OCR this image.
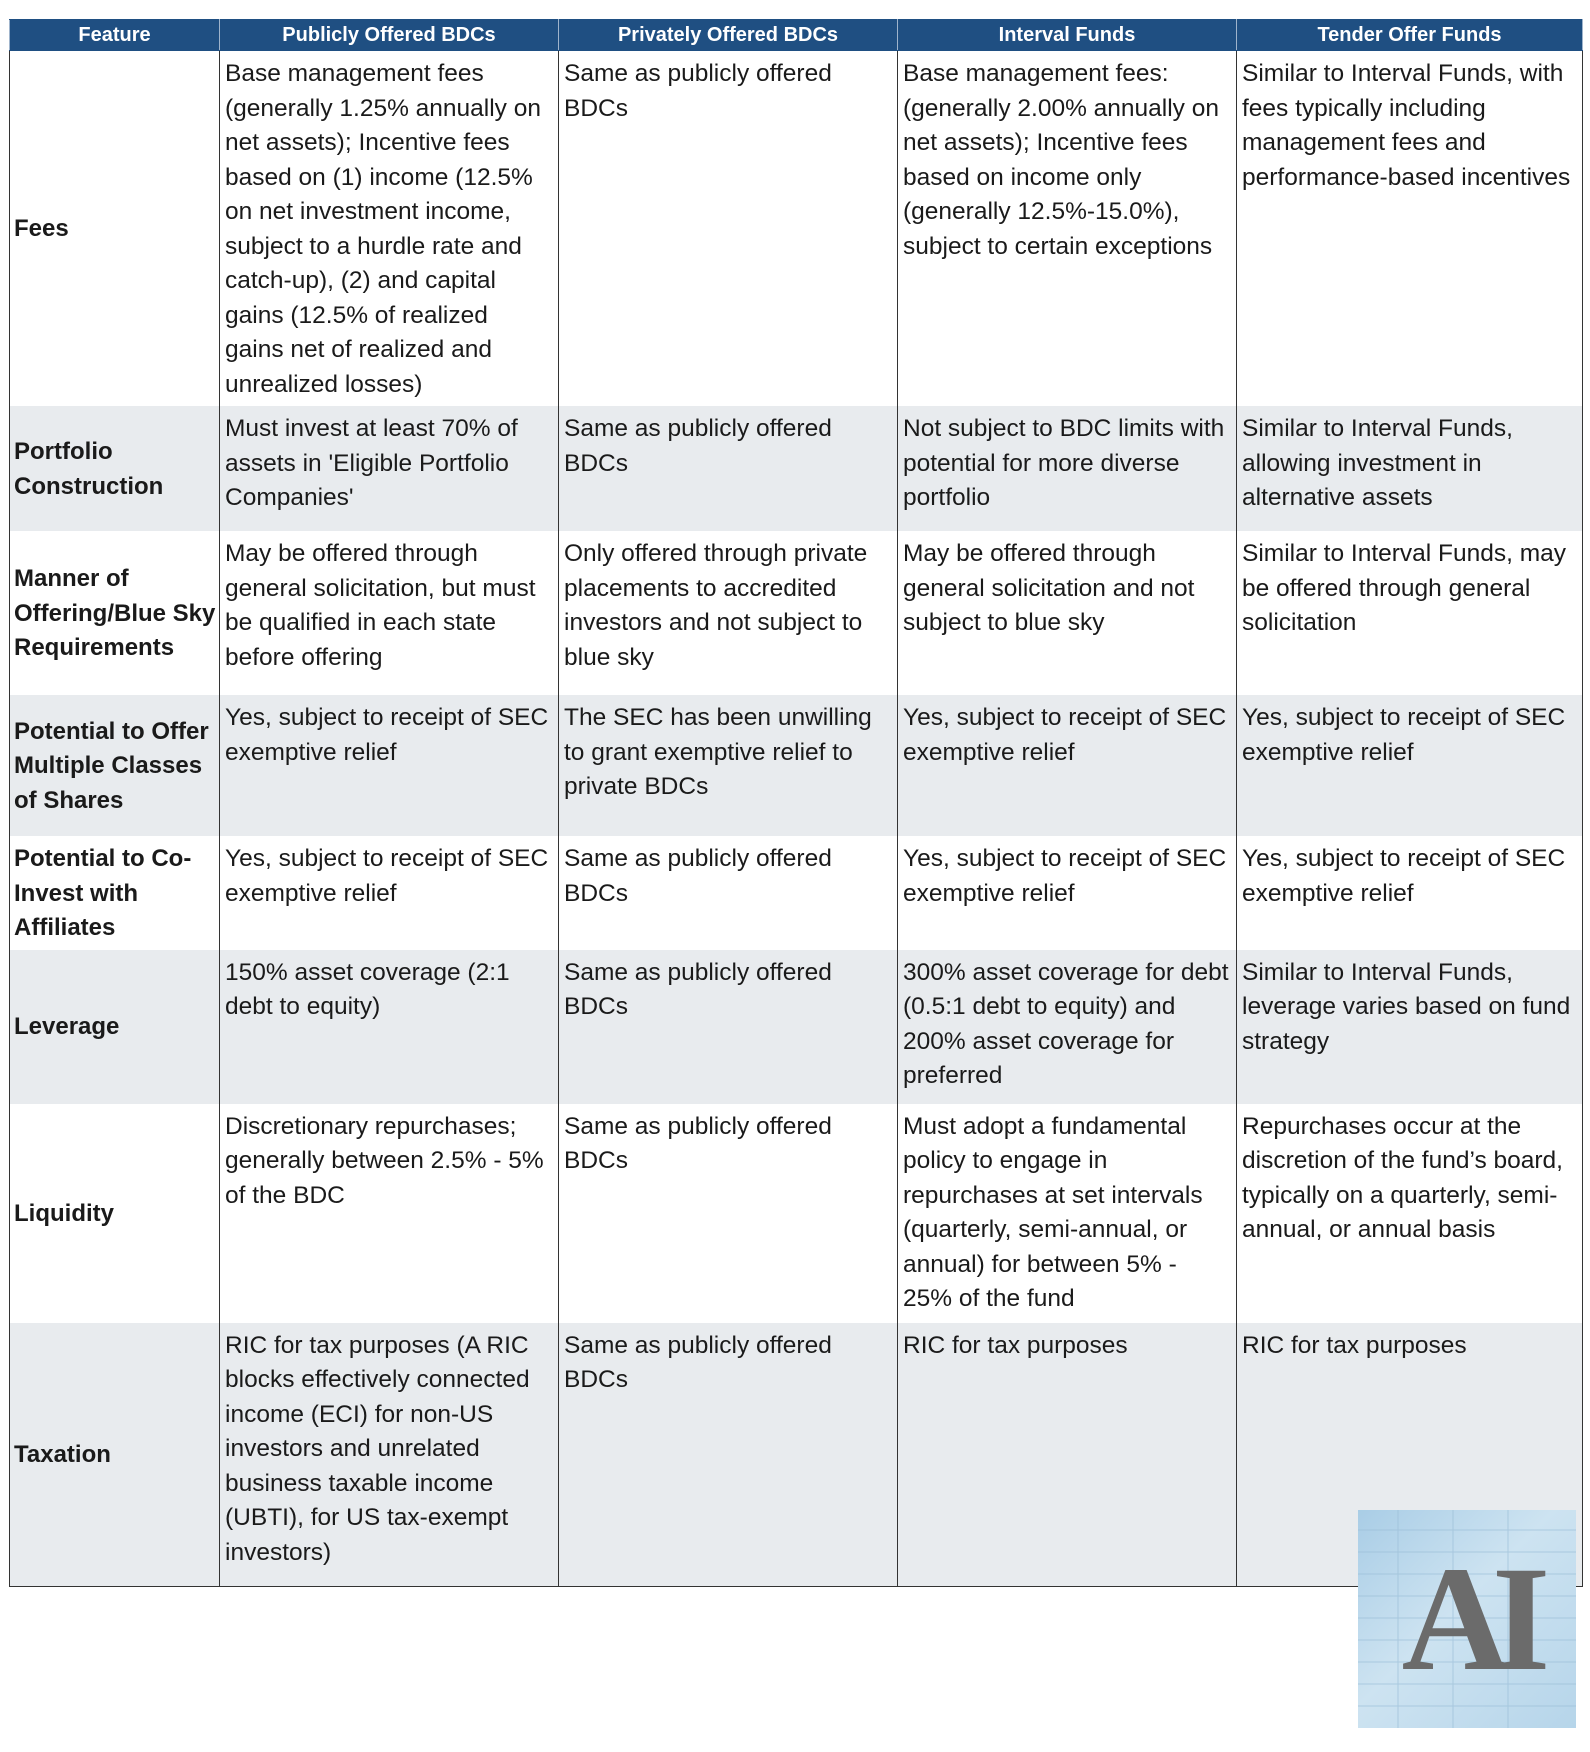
Feature	Publicly Offered BDCs	Privately Offered BDCs	Interval Funds	Tender Offer Funds
Fees	Base management fees (generally 1.25% annually on net assets); Incentive fees based on (1) income (12.5% on net investment income, subject to a hurdle rate and catch-up), (2) and capital gains (12.5% of realized gains net of realized and unrealized losses)	Same as publicly offered BDCs	Base management fees: (generally 2.00% annually on net assets); Incentive fees based on income only (generally 12.5%-15.0%), subject to certain exceptions	Similar to Interval Funds, with fees typically including management fees and performance-based incentives
Portfolio Construction	Must invest at least 70% of assets in 'Eligible Portfolio Companies'	Same as publicly offered BDCs	Not subject to BDC limits with potential for more diverse portfolio	Similar to Interval Funds, allowing investment in alternative assets
Manner of Offering/Blue Sky Requirements	May be offered through general solicitation, but must be qualified in each state before offering	Only offered through private placements to accredited investors and not subject to blue sky	May be offered through general solicitation and not subject to blue sky	Similar to Interval Funds, may be offered through general solicitation
Potential to Offer Multiple Classes of Shares	Yes, subject to receipt of SEC exemptive relief	The SEC has been unwilling to grant exemptive relief to private BDCs	Yes, subject to receipt of SEC exemptive relief	Yes, subject to receipt of SEC exemptive relief
Potential to Co-Invest with Affiliates	Yes, subject to receipt of SEC exemptive relief	Same as publicly offered BDCs	Yes, subject to receipt of SEC exemptive relief	Yes, subject to receipt of SEC exemptive relief
Leverage	150% asset coverage (2:1 debt to equity)	Same as publicly offered BDCs	300% asset coverage for debt (0.5:1 debt to equity) and 200% asset coverage for preferred	Similar to Interval Funds, leverage varies based on fund strategy
Liquidity	Discretionary repurchases; generally between 2.5% - 5% of the BDC	Same as publicly offered BDCs	Must adopt a fundamental policy to engage in repurchases at set intervals (quarterly, semi-annual, or annual) for between 5% - 25% of the fund	Repurchases occur at the discretion of the fund’s board, typically on a quarterly, semi-annual, or annual basis
Taxation	RIC for tax purposes (A RIC blocks effectively connected income (ECI) for non-US investors and unrelated business taxable income (UBTI), for US tax-exempt investors)	Same as publicly offered BDCs	RIC for tax purposes	RIC for tax purposes
AI
